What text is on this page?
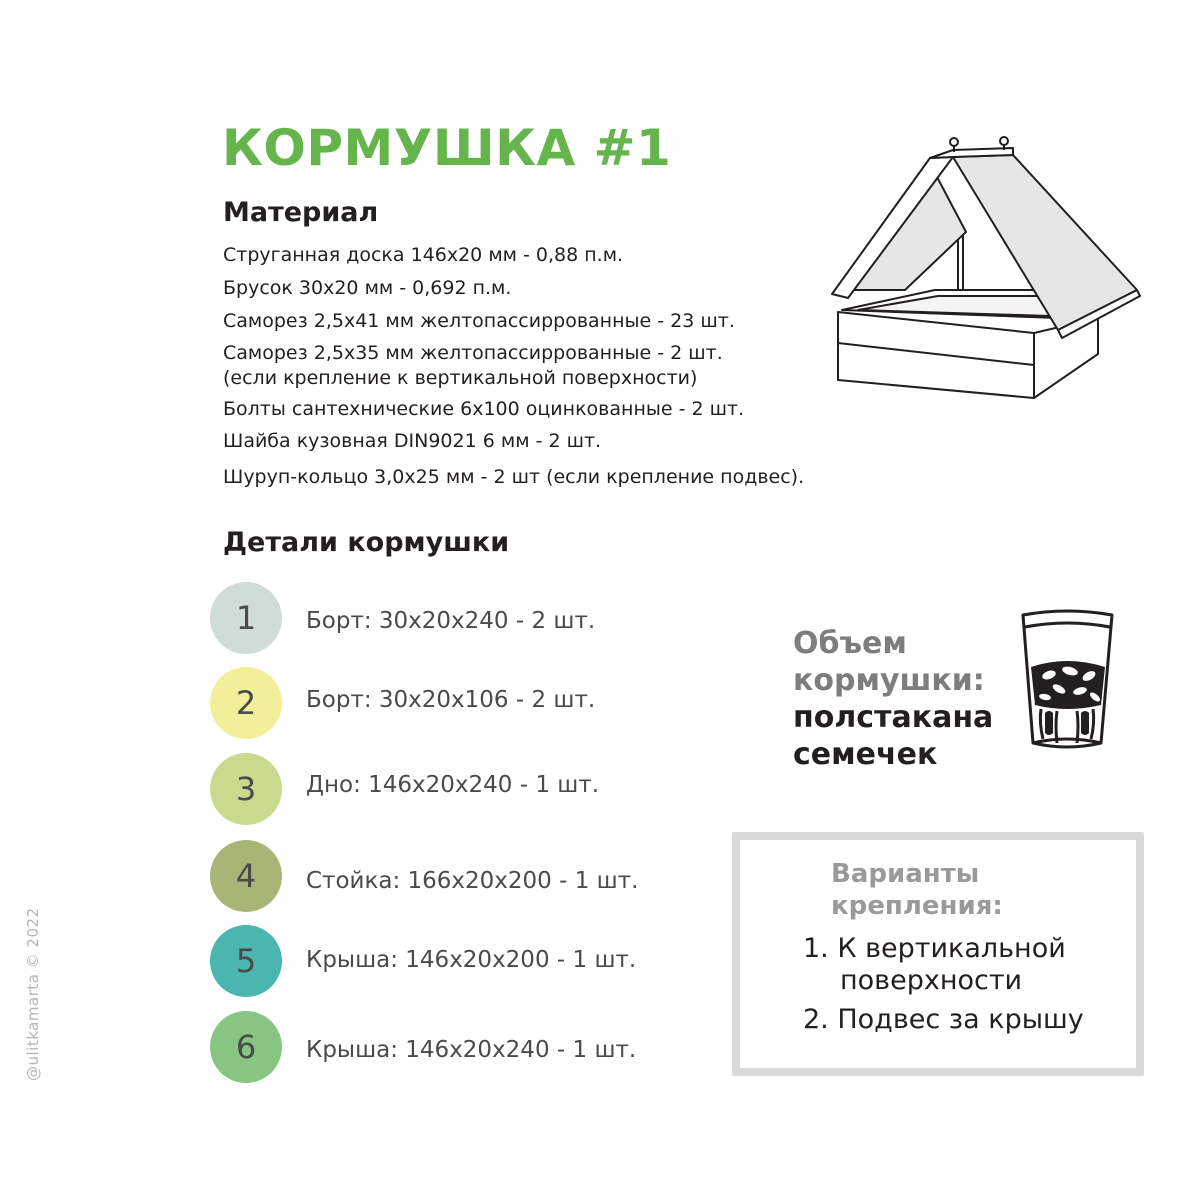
КОРМУШКА #1
Материал

Струганная доска 146x20 мм - 0,88 п.м.

Брусок 30x20 мм - 0,692 п.м.

Саморез 2,5x41 мм желтопассиррованные - 23 шт.

Саморез 2,5x35 мм желтопассиррованные - 2 шт.

(если крепление к вертикальной поверхности)

Болты сантехнические 6x100 оцинкованные - 2 шт.

Шайба кузовная DIN9021 6 мм - 2 шт.

Шуруп-кольцо 3,0x25 мм - 2 шт (если крепление подвес).

Детали кормушки
1	Борт: 30x20x240 - 2 шт.
2	Борт: 30x20x106 - 2 шт.
3	Дно: 146x20x240 - 1 шт.
4	Стойка: 166x20x200 - 1 шт.
5	Крыша: 146x20x200 - 1 шт.
6	Крыша: 146x20x240 - 1 шт.

Объем
кормушки:
полстакана
семечек

Варианты
крепления:

1. К вертикальной
поверхности
2. Подвес за крышу
@ulitkamarta © 2022
